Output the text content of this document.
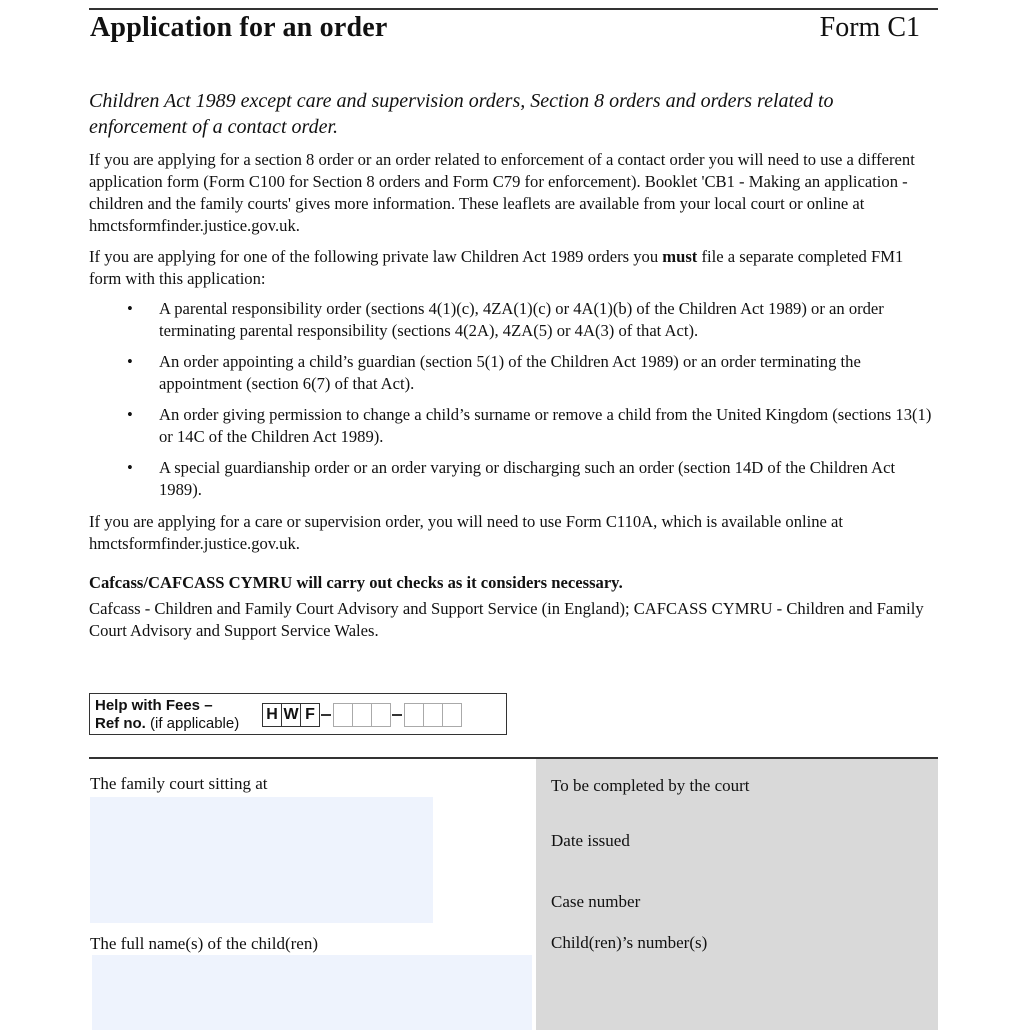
Application for an order	Form C1
Children Act 1989 except care and supervision orders, Section 8 orders and orders related to enforcement of a contact order.
If you are applying for a section 8 order or an order related to enforcement of a contact order you will need to use a different application form (Form C100 for Section 8 orders and Form C79 for enforcement). Booklet 'CB1 - Making an application - children and the family courts' gives more information. These leaflets are available from your local court or online at hmctsformfinder.justice.gov.uk.
If you are applying for one of the following private law Children Act 1989 orders you must file a separate completed FM1 form with this application:
• A parental responsibility order (sections 4(1)(c), 4ZA(1)(c) or 4A(1)(b) of the Children Act 1989) or an order terminating parental responsibility (sections 4(2A), 4ZA(5) or 4A(3) of that Act).
• An order appointing a child’s guardian (section 5(1) of the Children Act 1989) or an order terminating the appointment (section 6(7) of that Act).
• An order giving permission to change a child’s surname or remove a child from the United Kingdom (sections 13(1) or 14C of the Children Act 1989).
• A special guardianship order or an order varying or discharging such an order (section 14D of the Children Act 1989).
If you are applying for a care or supervision order, you will need to use Form C110A, which is available online at hmctsformfinder.justice.gov.uk.
Cafcass/CAFCASS CYMRU will carry out checks as it considers necessary.
Cafcass - Children and Family Court Advisory and Support Service (in England); CAFCASS CYMRU - Children and Family Court Advisory and Support Service Wales.
Help with Fees –
Ref no. (if applicable)
H W F
The family court sitting at
The full name(s) of the child(ren)
To be completed by the court
Date issued
Case number
Child(ren)’s number(s)
